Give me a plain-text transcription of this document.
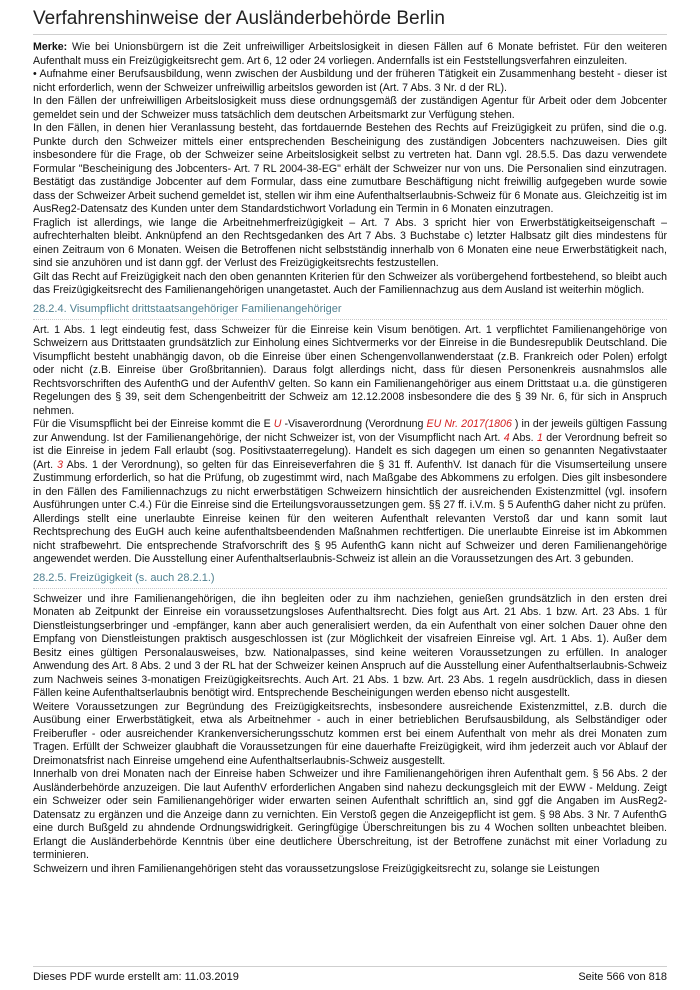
Verfahrenshinweise der Ausländerbehörde Berlin

Merke: Wie bei Unionsbürgern ist die Zeit unfreiwilliger Arbeitslosigkeit in diesen Fällen auf 6 Monate befristet. Für den weiteren Aufenthalt muss ein Freizügigkeitsrecht gem. Art 6, 12 oder 24 vorliegen. Andernfalls ist ein Feststellungsverfahren einzuleiten.

• Aufnahme einer Berufsausbildung, wenn zwischen der Ausbildung und der früheren Tätigkeit ein Zusammenhang besteht - dieser ist nicht erforderlich, wenn der Schweizer unfreiwillig arbeitslos geworden ist (Art. 7 Abs. 3 Nr. d der RL).

In den Fällen der unfreiwilligen Arbeitslosigkeit muss diese ordnungsgemäß der zuständigen Agentur für Arbeit oder dem Jobcenter gemeldet sein und der Schweizer muss tatsächlich dem deutschen Arbeitsmarkt zur Verfügung stehen.

In den Fällen, in denen hier Veranlassung besteht, das fortdauernde Bestehen des Rechts auf Freizügigkeit zu prüfen, sind die o.g. Punkte durch den Schweizer mittels einer entsprechenden Bescheinigung des zuständigen Jobcenters nachzuweisen. Dies gilt insbesondere für die Frage, ob der Schweizer seine Arbeitslosigkeit selbst zu vertreten hat. Dann vgl. 28.5.5. Das dazu verwendete Formular "Bescheinigung des Jobcenters- Art. 7 RL 2004-38-EG" erhält der Schweizer nur von uns. Die Personalien sind einzutragen. Bestätigt das zuständige Jobcenter auf dem Formular, dass eine zumutbare Beschäftigung nicht freiwillig aufgegeben wurde sowie dass der Schweizer Arbeit suchend gemeldet ist, stellen wir ihm eine Aufenthaltserlaubnis-Schweiz für 6 Monate aus. Gleichzeitig ist im AusReg2-Datensatz des Kunden unter dem Standardstichwort Vorladung ein Termin in 6 Monaten einzutragen.

Fraglich ist allerdings, wie lange die Arbeitnehmerfreizügigkeit – Art. 7 Abs. 3 spricht hier von Erwerbstätigkeitseigenschaft – aufrechterhalten bleibt. Anknüpfend an den Rechtsgedanken des Art 7 Abs. 3 Buchstabe c) letzter Halbsatz gilt dies mindestens für einen Zeitraum von 6 Monaten. Weisen die Betroffenen nicht selbstständig innerhalb von 6 Monaten eine neue Erwerbstätigkeit nach, sind sie anzuhören und ist dann ggf. der Verlust des Freizügigkeitsrechts festzustellen.

Gilt das Recht auf Freizügigkeit nach den oben genannten Kriterien für den Schweizer als vorübergehend fortbestehend, so bleibt auch das Freizügigkeitsrecht des Familienangehörigen unangetastet. Auch der Familiennachzug aus dem Ausland ist weiterhin möglich.

28.2.4. Visumpflicht drittstaatsangehöriger Familienangehöriger

Art. 1 Abs. 1 legt eindeutig fest, dass Schweizer für die Einreise kein Visum benötigen. Art. 1 verpflichtet Familienangehörige von Schweizern aus Drittstaaten grundsätzlich zur Einholung eines Sichtvermerks vor der Einreise in die Bundesrepublik Deutschland. Die Visumpflicht besteht unabhängig davon, ob die Einreise über einen Schengenvollanwenderstaat (z.B. Frankreich oder Polen) erfolgt oder nicht (z.B. Einreise über Großbritannien). Daraus folgt allerdings nicht, dass für diesen Personenkreis ausnahmslos alle Rechtsvorschriften des AufenthG und der AufenthV gelten. So kann ein Familienangehöriger aus einem Drittstaat u.a. die günstigeren Regelungen des § 39, seit dem Schengenbeitritt der Schweiz am 12.12.2008 insbesondere die des § 39 Nr. 6, für sich in Anspruch nehmen.

Für die Visumspflicht bei der Einreise kommt die E U -Visaverordnung (Verordnung EU Nr. 2017(1806 ) in der jeweils gültigen Fassung zur Anwendung. Ist der Familienangehörige, der nicht Schweizer ist, von der Visumpflicht nach Art. 4 Abs. 1 der Verordnung befreit so ist die Einreise in jedem Fall erlaubt (sog. Positivstaaterregelung). Handelt es sich dagegen um einen so genannten Negativstaater (Art. 3 Abs. 1 der Verordnung), so gelten für das Einreiseverfahren die § 31 ff. AufenthV. Ist danach für die Visumserteilung unsere Zustimmung erforderlich, so hat die Prüfung, ob zugestimmt wird, nach Maßgabe des Abkommens zu erfolgen. Dies gilt insbesondere in den Fällen des Familiennachzugs zu nicht erwerbstätigen Schweizern hinsichtlich der ausreichenden Existenzmittel (vgl. insofern Ausführungen unter C.4.) Für die Einreise sind die Erteilungsvoraussetzungen gem. §§ 27 ff. i.V.m. § 5 AufenthG daher nicht zu prüfen.

Allerdings stellt eine unerlaubte Einreise keinen für den weiteren Aufenthalt relevanten Verstoß dar und kann somit laut Rechtsprechung des EuGH auch keine aufenthaltsbeendenden Maßnahmen rechtfertigen. Die unerlaubte Einreise ist im Abkommen nicht strafbewehrt. Die entsprechende Strafvorschrift des § 95 AufenthG kann nicht auf Schweizer und deren Familienangehörige angewendet werden. Die Ausstellung einer Aufenthaltserlaubnis-Schweiz ist allein an die Voraussetzungen des Art. 3 gebunden.

28.2.5. Freizügigkeit (s. auch 28.2.1.)

Schweizer und ihre Familienangehörigen, die ihn begleiten oder zu ihm nachziehen, genießen grundsätzlich in den ersten drei Monaten ab Zeitpunkt der Einreise ein voraussetzungsloses Aufenthaltsrecht. Dies folgt aus Art. 21 Abs. 1 bzw. Art. 23 Abs. 1 für Dienstleistungserbringer und -empfänger, kann aber auch generalisiert werden, da ein Aufenthalt von einer solchen Dauer ohne den Empfang von Dienstleistungen praktisch ausgeschlossen ist (zur Möglichkeit der visafreien Einreise vgl. Art. 1 Abs. 1). Außer dem Besitz eines gültigen Personalausweises, bzw. Nationalpasses, sind keine weiteren Voraussetzungen zu erfüllen. In analoger Anwendung des Art. 8 Abs. 2 und 3 der RL hat der Schweizer keinen Anspruch auf die Ausstellung einer Aufenthaltserlaubnis-Schweiz zum Nachweis seines 3-monatigen Freizügigkeitsrechts. Auch Art. 21 Abs. 1 bzw. Art. 23 Abs. 1 regeln ausdrücklich, dass in diesen Fällen keine Aufenthaltserlaubnis benötigt wird. Entsprechende Bescheinigungen werden ebenso nicht ausgestellt.

Weitere Voraussetzungen zur Begründung des Freizügigkeitsrechts, insbesondere ausreichende Existenzmittel, z.B. durch die Ausübung einer Erwerbstätigkeit, etwa als Arbeitnehmer - auch in einer betrieblichen Berufsausbildung, als Selbständiger oder Freiberufler - oder ausreichender Krankenversicherungsschutz kommen erst bei einem Aufenthalt von mehr als drei Monaten zum Tragen. Erfüllt der Schweizer glaubhaft die Voraussetzungen für eine dauerhafte Freizügigkeit, wird ihm jederzeit auch vor Ablauf der Dreimonatsfrist nach Einreise umgehend eine Aufenthaltserlaubnis-Schweiz ausgestellt.

Innerhalb von drei Monaten nach der Einreise haben Schweizer und ihre Familienangehörigen ihren Aufenthalt gem. § 56 Abs. 2 der Ausländerbehörde anzuzeigen. Die laut AufenthV erforderlichen Angaben sind nahezu deckungsgleich mit der EWW - Meldung. Zeigt ein Schweizer oder sein Familienangehöriger wider erwarten seinen Aufenthalt schriftlich an, sind ggf die Angaben im AusReg2-Datensatz zu ergänzen und die Anzeige dann zu vernichten. Ein Verstoß gegen die Anzeigepflicht ist gem. § 98 Abs. 3 Nr. 7 AufenthG eine durch Bußgeld zu ahndende Ordnungswidrigkeit. Geringfügige Überschreitungen bis zu 4 Wochen sollten unbeachtet bleiben. Erlangt die Ausländerbehörde Kenntnis über eine deutlichere Überschreitung, ist der Betroffene zunächst mit einer Vorladung zu terminieren.

Schweizern und ihren Familienangehörigen steht das voraussetzungslose Freizügigkeitsrecht zu, solange sie Leistungen

Dieses PDF wurde erstellt am: 11.03.2019	Seite 566 von 818
